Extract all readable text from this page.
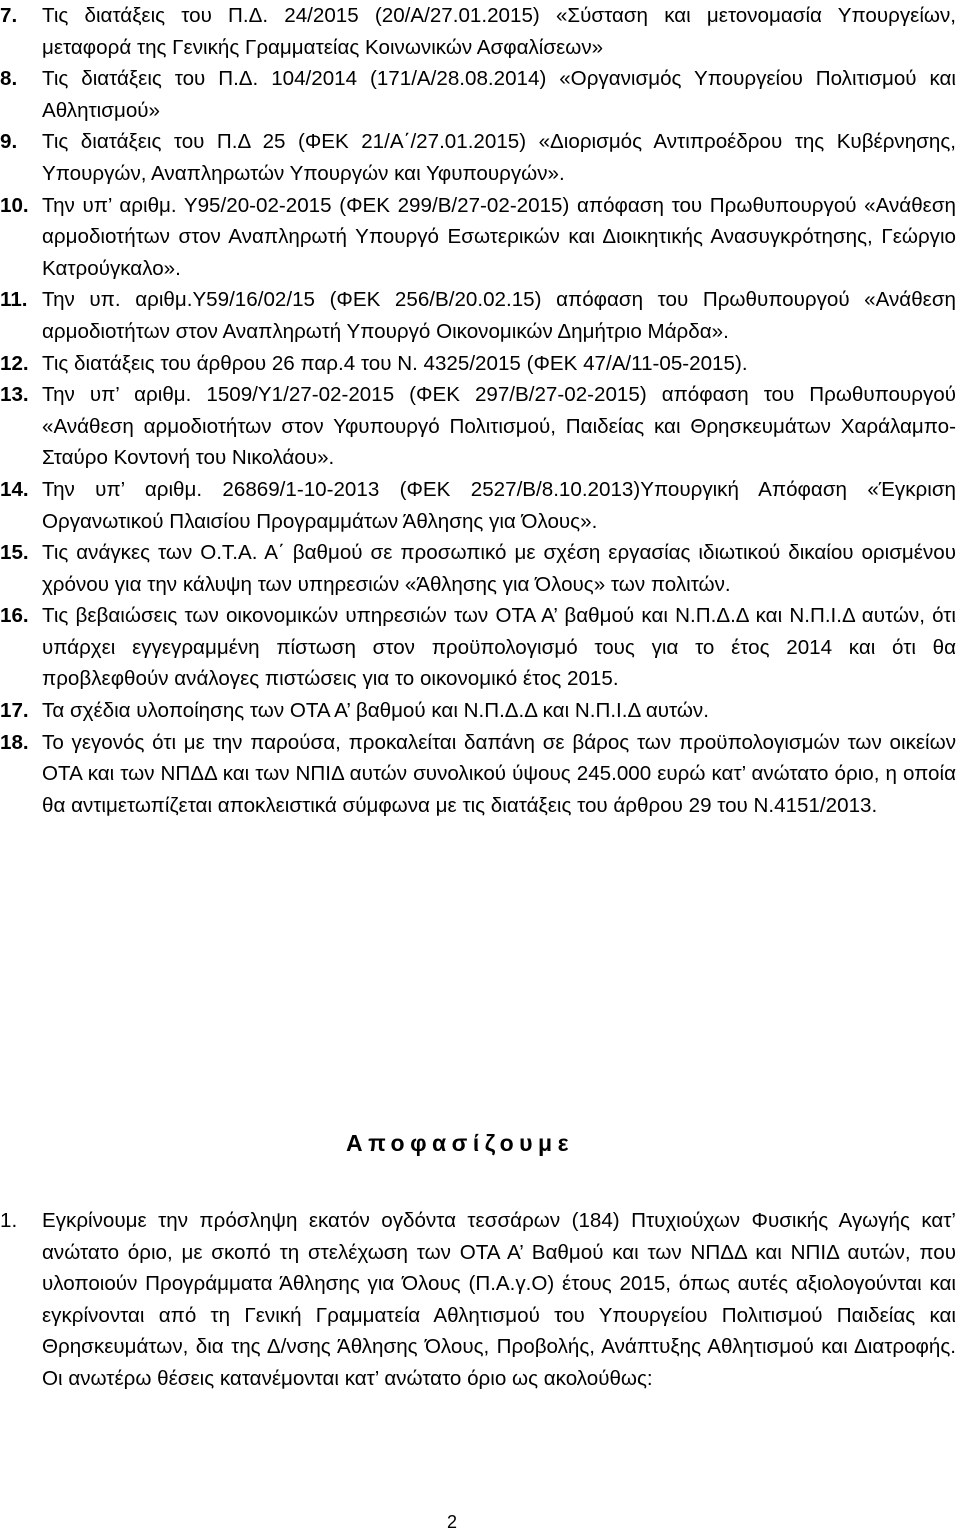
7. Τις διατάξεις του Π.Δ. 24/2015 (20/Α/27.01.2015) «Σύσταση και μετονομασία Υπουργείων, μεταφορά της Γενικής Γραμματείας Κοινωνικών Ασφαλίσεων»
8. Τις διατάξεις του Π.Δ. 104/2014 (171/Α/28.08.2014) «Οργανισμός Υπουργείου Πολιτισμού και Αθλητισμού»
9. Τις διατάξεις του Π.Δ 25 (ΦΕΚ 21/Α΄/27.01.2015) «Διορισμός Αντιπροέδρου της Κυβέρνησης, Υπουργών, Αναπληρωτών Υπουργών και Υφυπουργών».
10. Την υπ’ αριθμ. Υ95/20-02-2015 (ΦΕΚ 299/Β/27-02-2015) απόφαση του Πρωθυπουργού «Ανάθεση αρμοδιοτήτων στον Αναπληρωτή Υπουργό Εσωτερικών και Διοικητικής Ανασυγκρότησης, Γεώργιο Κατρούγκαλο».
11. Την υπ. αριθμ.Υ59/16/02/15 (ΦΕΚ 256/Β/20.02.15) απόφαση του Πρωθυπουργού «Ανάθεση αρμοδιοτήτων στον Αναπληρωτή Υπουργό Οικονομικών Δημήτριο Μάρδα».
12. Τις διατάξεις του άρθρου 26 παρ.4 του Ν. 4325/2015 (ΦΕΚ 47/Α/11-05-2015).
13. Την υπ’ αριθμ. 1509/Υ1/27-02-2015 (ΦΕΚ 297/Β/27-02-2015) απόφαση του Πρωθυπουργού «Ανάθεση αρμοδιοτήτων στον Υφυπουργό Πολιτισμού, Παιδείας και Θρησκευμάτων Χαράλαμπο-Σταύρο Κοντονή του Νικολάου».
14. Την υπ’ αριθμ. 26869/1-10-2013 (ΦΕΚ 2527/Β/8.10.2013)Υπουργική Απόφαση «Έγκριση Οργανωτικού Πλαισίου Προγραμμάτων Άθλησης για Όλους».
15. Τις ανάγκες των Ο.Τ.Α. Α΄ βαθμού σε προσωπικό με σχέση εργασίας ιδιωτικού δικαίου ορισμένου χρόνου για την κάλυψη των υπηρεσιών «Άθλησης για Όλους» των πολιτών.
16. Τις βεβαιώσεις των οικονομικών υπηρεσιών των ΟΤΑ Α’ βαθμού και Ν.Π.Δ.Δ και Ν.Π.Ι.Δ αυτών, ότι υπάρχει εγγεγραμμένη πίστωση στον προϋπολογισμό τους για το έτος 2014 και ότι θα προβλεφθούν ανάλογες πιστώσεις για το οικονομικό έτος 2015.
17. Τα σχέδια υλοποίησης των ΟΤΑ Α’ βαθμού και Ν.Π.Δ.Δ και Ν.Π.Ι.Δ αυτών.
18. Το γεγονός ότι με την παρούσα, προκαλείται δαπάνη σε βάρος των προϋπολογισμών των οικείων ΟΤΑ και των ΝΠΔΔ και των ΝΠΙΔ αυτών συνολικού ύψους 245.000 ευρώ κατ’ ανώτατο όριο, η οποία θα αντιμετωπίζεται αποκλειστικά σύμφωνα με τις διατάξεις του άρθρου 29 του Ν.4151/2013.
Αποφασίζουμε
1. Εγκρίνουμε την πρόσληψη εκατόν ογδόντα τεσσάρων (184) Πτυχιούχων Φυσικής Αγωγής κατ’ ανώτατο όριο, με σκοπό τη στελέχωση των ΟΤΑ Α’ Βαθμού και των ΝΠΔΔ και ΝΠΙΔ αυτών, που υλοποιούν Προγράμματα Άθλησης για Όλους (Π.Α.γ.Ο) έτους 2015, όπως αυτές αξιολογούνται και εγκρίνονται από τη Γενική Γραμματεία Αθλητισμού του Υπουργείου Πολιτισμού Παιδείας και Θρησκευμάτων, δια της Δ/νσης Άθλησης Όλους, Προβολής, Ανάπτυξης Αθλητισμού και Διατροφής. Οι ανωτέρω θέσεις κατανέμονται κατ’ ανώτατο όριο ως ακολούθως:
2
